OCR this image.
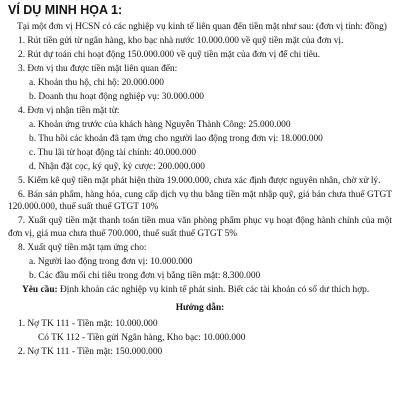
VÍ DỤ MINH HỌA 1:
Tại một đơn vị HCSN có các nghiệp vụ kinh tế liên quan đến tiền mặt như sau: (đơn vị tính: đồng)
1. Rút tiền gửi từ ngân hàng, kho bạc nhà nước 10.000.000 về quỹ tiền mặt của đơn vị.
2. Rút dự toán chi hoạt động 150.000.000 về quỹ tiền mặt của đơn vị để chi tiêu.
3. Đơn vị thu được tiền mặt liên quan đến:
a. Khoản thu hộ, chi hộ: 20.000.000
b. Doanh thu hoạt động nghiệp vụ: 30.000.000
4. Đơn vị nhận tiền mặt từ:
a. Khoản ứng trước của khách hàng Nguyễn Thành Công: 25.000.000
b. Thu hồi các khoản đã tạm ứng cho người lao động trong đơn vị: 18.000.000
c. Thu lãi từ hoạt động tài chính: 40.000.000
d. Nhận đặt cọc, ký quỹ, ký cược: 200.000.000
5. Kiểm kê quỹ tiền mặt phát hiện thừa 19.000.000, chưa xác định được nguyên nhân, chờ xử lý.
6. Bán sản phẩm, hàng hóa, cung cấp dịch vụ thu bằng tiền mặt nhập quỹ, giá bán chưa thuế GTGT 120.000.000, thuế suất thuế GTGT 10%
7. Xuất quỹ tiền mặt thanh toán tiền mua văn phòng phẩm phục vụ hoạt động hành chính của một đơn vị, giá mua chưa thuế 700.000, thuế suất thuế GTGT 5%
8. Xuất quỹ tiền mặt tạm ứng cho:
a. Người lao động trong đơn vị: 10.000.000
b. Các đầu mối chi tiêu trong đơn vị bằng tiền mặt: 8.300.000
Yêu cầu: Định khoản các nghiệp vụ kinh tế phát sinh. Biết các tài khoản có số dư thích hợp.
Hướng dẫn:
1. Nợ TK 111 - Tiền mặt: 10.000.000
Có TK 112 - Tiền gửi Ngân hàng, Kho bạc: 10.000.000
2. Nợ TK 111 - Tiền mặt: 150.000.000
